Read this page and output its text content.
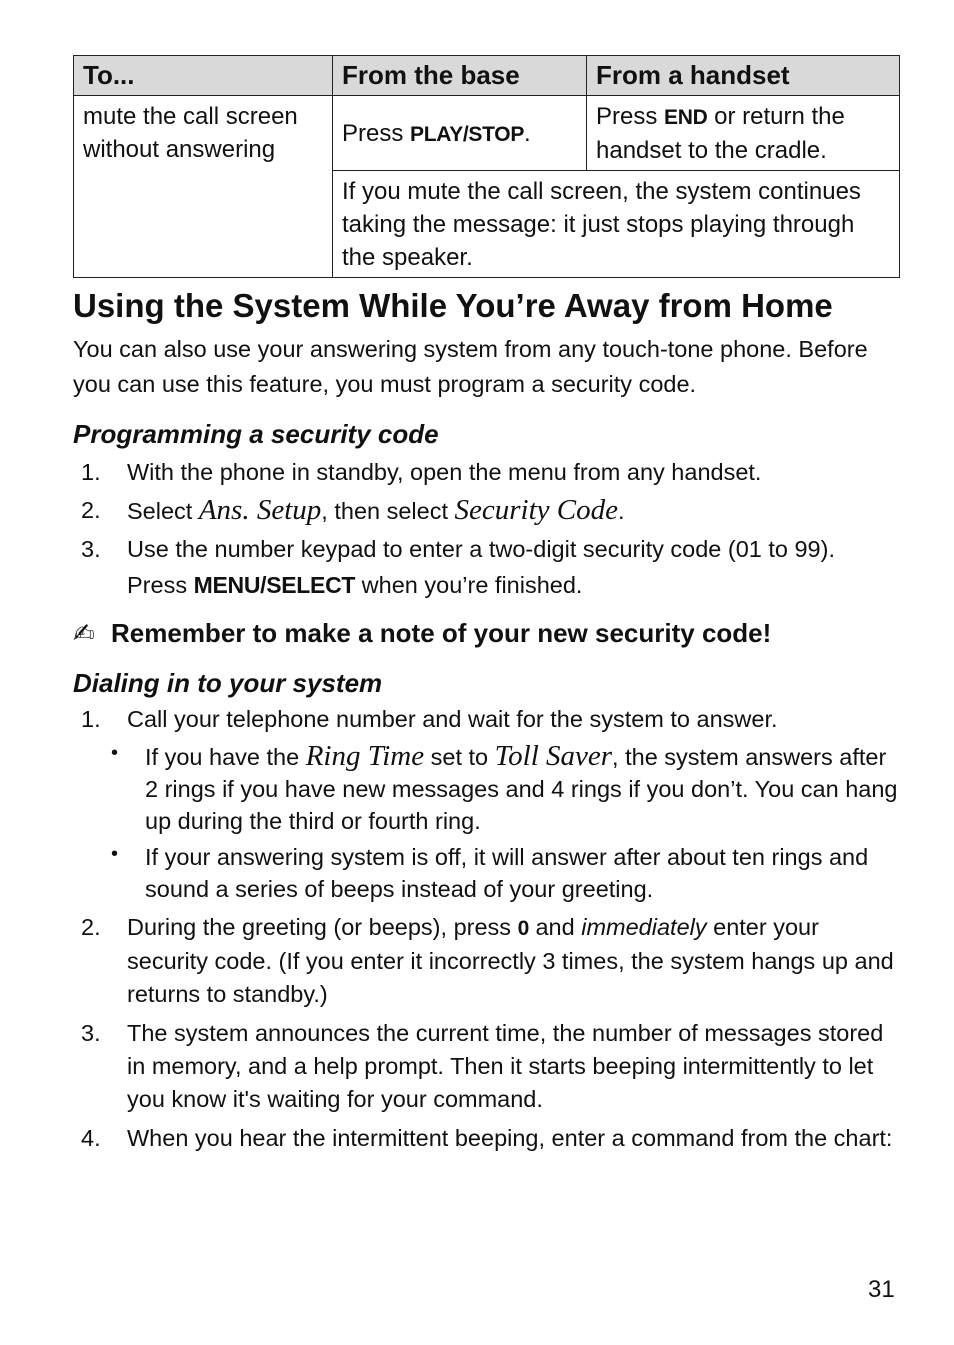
To...	From the base	From a handset
mute the call screen without answering	Press PLAY/STOP.	Press END or return the handset to the cradle.
	If you mute the call screen, the system continues taking the message: it just stops playing through the speaker.	
Using the System While You’re Away from Home

You can also use your answering system from any touch-tone phone. Before you can use this feature, you must program a security code.

Programming a security code
1. With the phone in standby, open the menu from any handset.
2. Select Ans. Setup, then select Security Code.
3. Use the number keypad to enter a two-digit security code (01 to 99). Press MENU/SELECT when you’re finished.
✍ Remember to make a note of your new security code!
Dialing in to your system
1. Call your telephone number and wait for the system to answer.
• If you have the Ring Time set to Toll Saver, the system answers after 2 rings if you have new messages and 4 rings if you don’t. You can hang up during the third or fourth ring.
• If your answering system is off, it will answer after about ten rings and sound a series of beeps instead of your greeting.
2. During the greeting (or beeps), press 0 and immediately enter your security code. (If you enter it incorrectly 3 times, the system hangs up and returns to standby.)
3. The system announces the current time, the number of messages stored in memory, and a help prompt. Then it starts beeping intermittently to let you know it's waiting for your command.
4. When you hear the intermittent beeping, enter a command from the chart:
31
